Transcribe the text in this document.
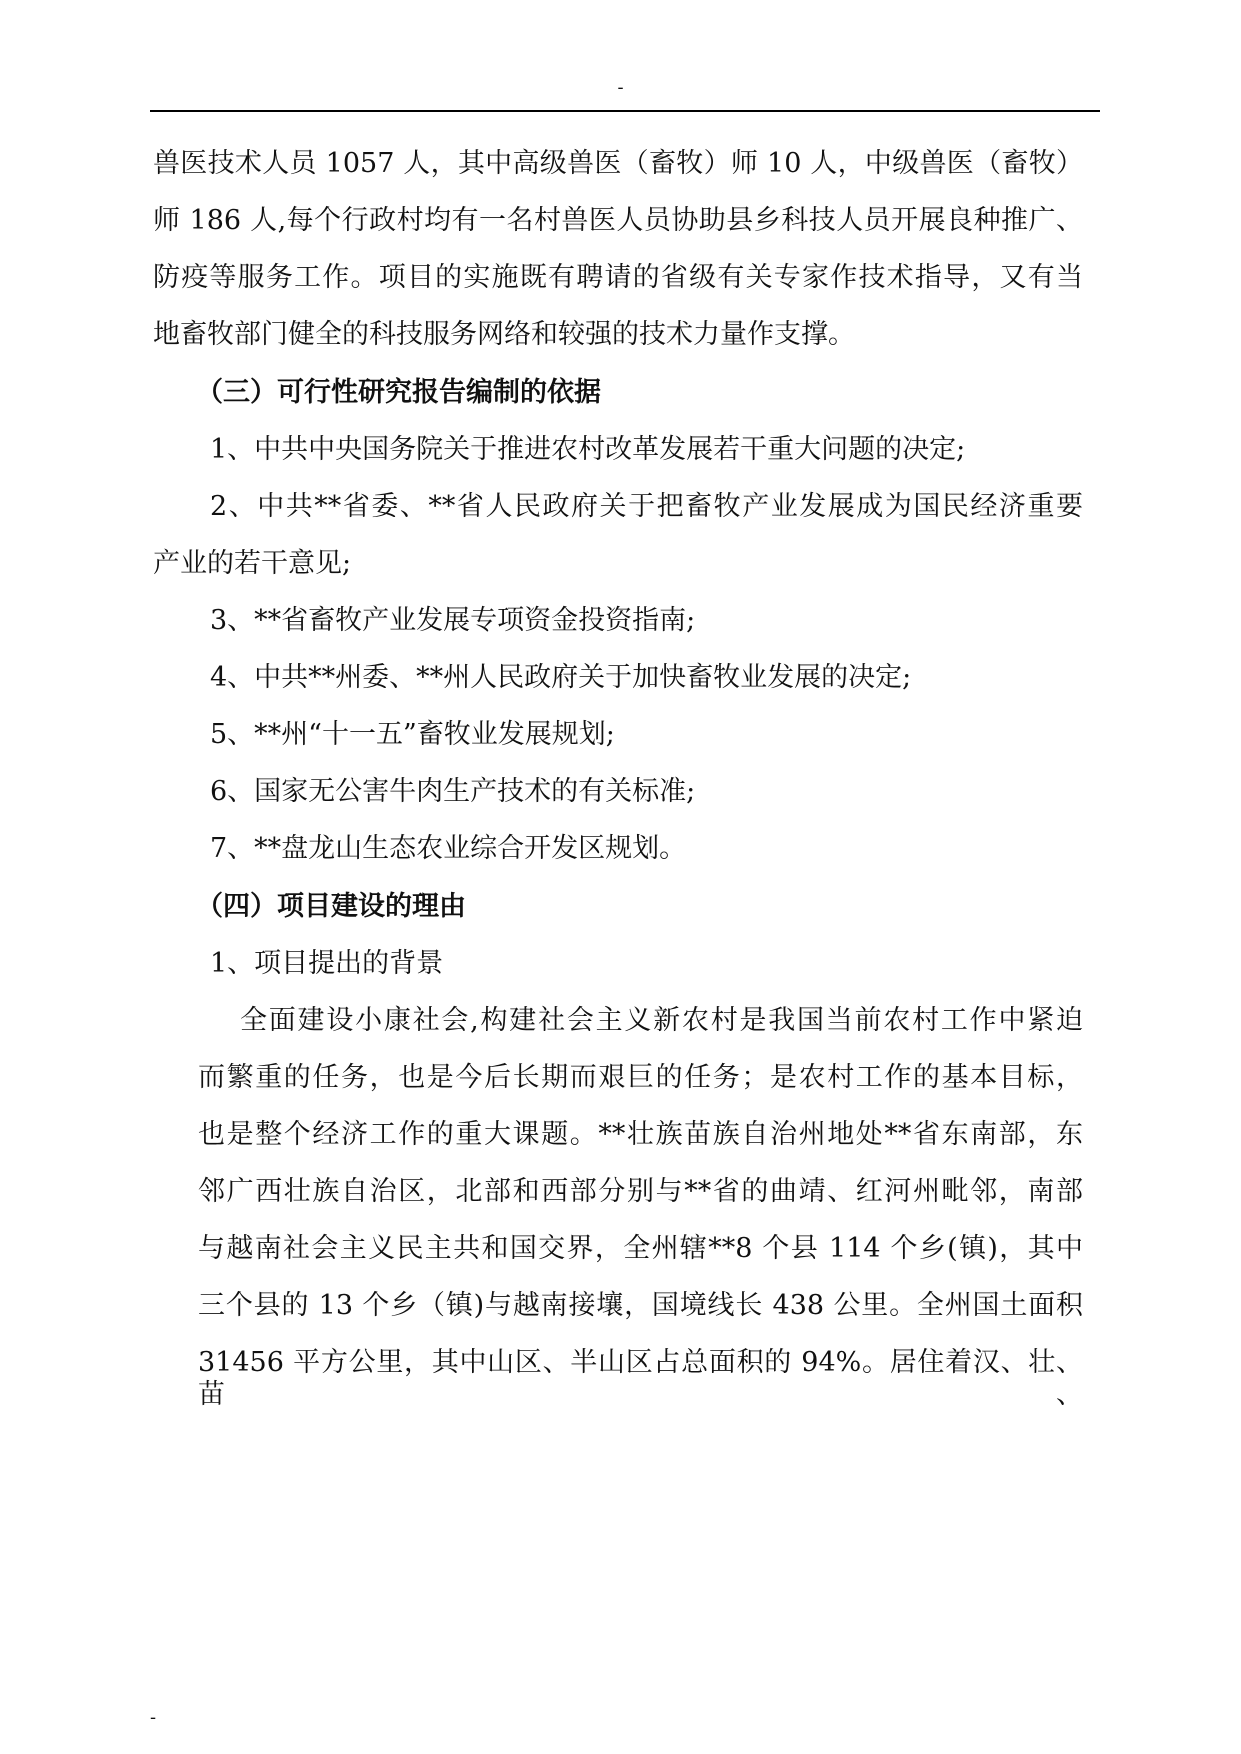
-
兽医技术人员 1057 人，其中高级兽医（畜牧）师 10 人，中级兽医（畜牧）
师 186 人,每个行政村均有一名村兽医人员协助县乡科技人员开展良种推广、
防疫等服务工作。项目的实施既有聘请的省级有关专家作技术指导，又有当
地畜牧部门健全的科技服务网络和较强的技术力量作支撑。
（三）可行性研究报告编制的依据
1、中共中央国务院关于推进农村改革发展若干重大问题的决定;
2、中共**省委、**省人民政府关于把畜牧产业发展成为国民经济重要
产业的若干意见;
3、**省畜牧产业发展专项资金投资指南;
4、中共**州委、**州人民政府关于加快畜牧业发展的决定;
5、**州“十一五”畜牧业发展规划;
6、国家无公害牛肉生产技术的有关标准;
7、**盘龙山生态农业综合开发区规划。
（四）项目建设的理由
1、项目提出的背景
全面建设小康社会,构建社会主义新农村是我国当前农村工作中紧迫
而繁重的任务，也是今后长期而艰巨的任务；是农村工作的基本目标，
也是整个经济工作的重大课题。**壮族苗族自治州地处**省东南部，东
邻广西壮族自治区，北部和西部分别与**省的曲靖、红河州毗邻，南部
与越南社会主义民主共和国交界，全州辖**8 个县 114 个乡(镇)，其中
三个县的 13 个乡（镇)与越南接壤，国境线长 438 公里。全州国土面积
31456 平方公里，其中山区、半山区占总面积的 94%。居住着汉、壮、苗、
-
